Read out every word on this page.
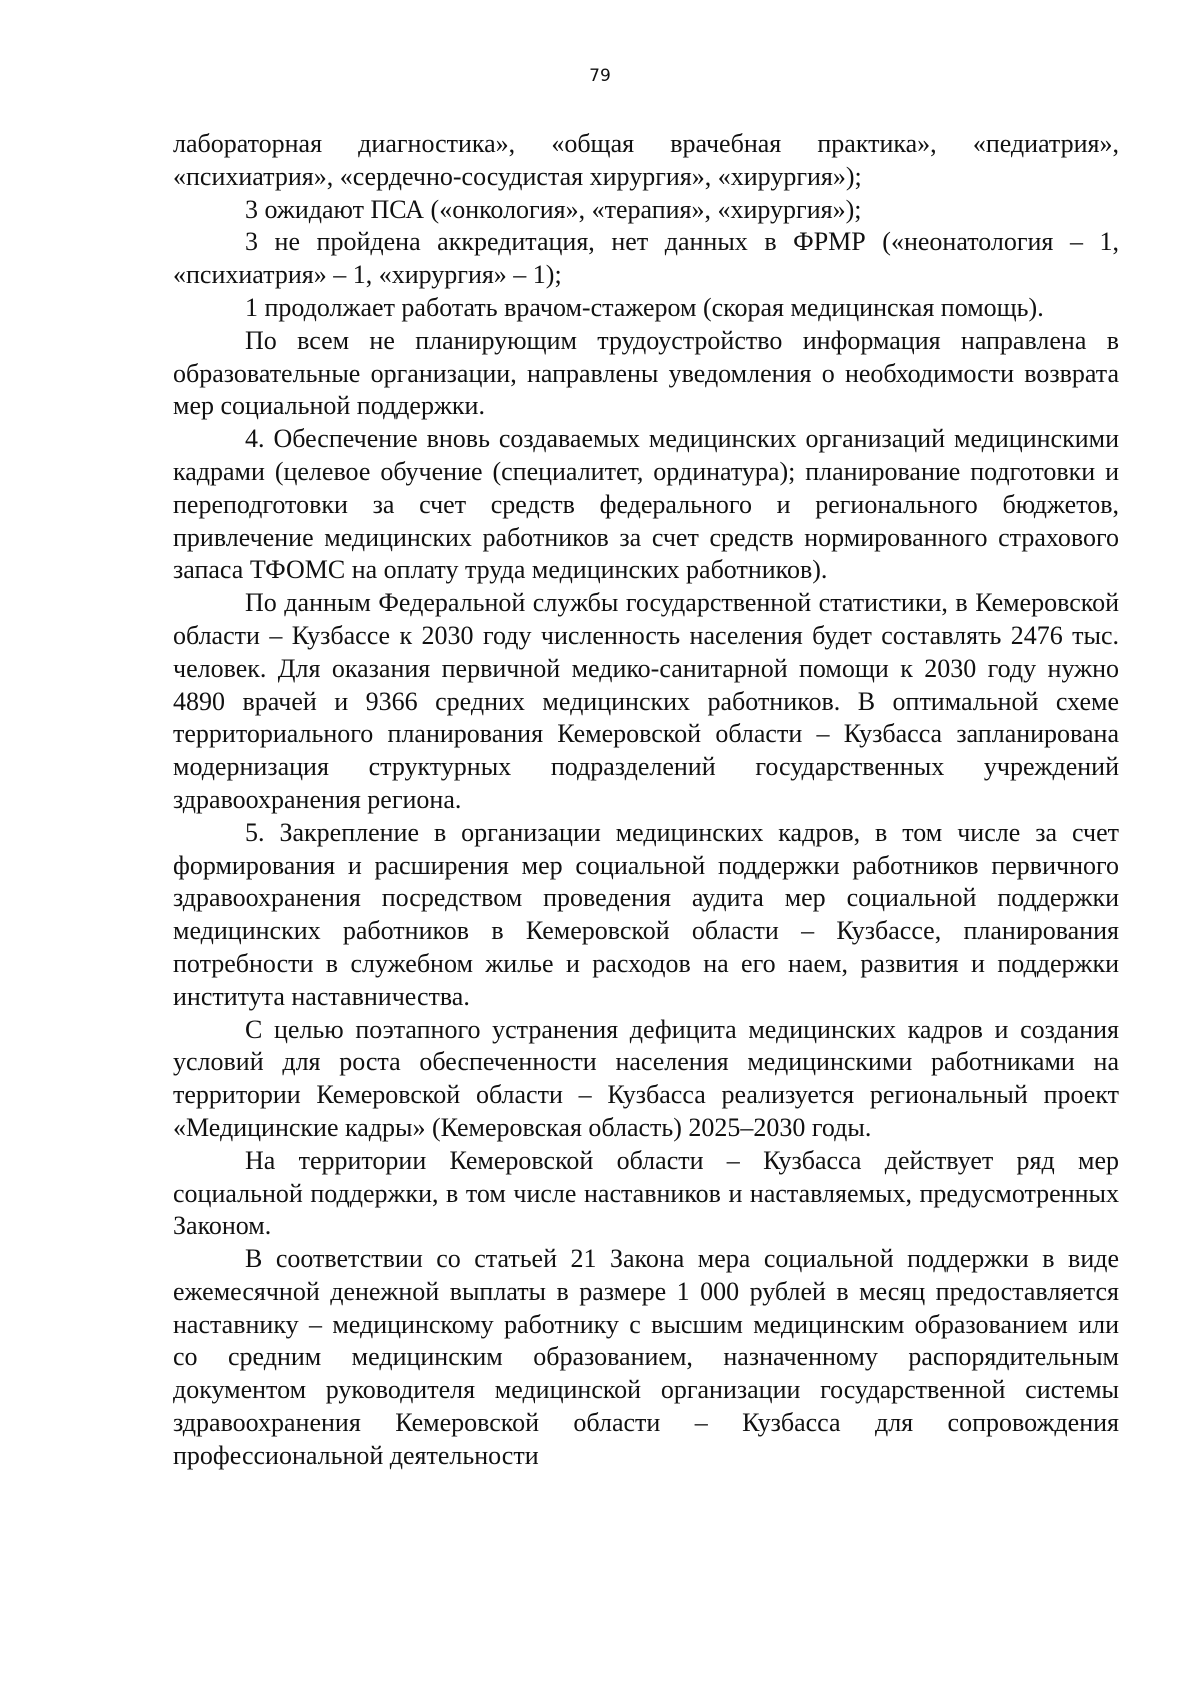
79

лабораторная диагностика», «общая врачебная практика», «педиатрия», «психиатрия», «сердечно-сосудистая хирургия», «хирургия»);

3 ожидают ПСА («онкология», «терапия», «хирургия»);

3 не пройдена аккредитация, нет данных в ФРМР («неонатология – 1, «психиатрия» – 1, «хирургия» – 1);

1 продолжает работать врачом-стажером (скорая медицинская помощь).

По всем не планирующим трудоустройство информация направлена в образовательные организации, направлены уведомления о необходимости возврата мер социальной поддержки.

4. Обеспечение вновь создаваемых медицинских организаций медицинскими кадрами (целевое обучение (специалитет, ординатура); планирование подготовки и переподготовки за счет средств федерального и регионального бюджетов, привлечение медицинских работников за счет средств нормированного страхового запаса ТФОМС на оплату труда медицинских работников).

По данным Федеральной службы государственной статистики, в Кемеровской области – Кузбассе к 2030 году численность населения будет составлять 2476 тыс. человек. Для оказания первичной медико-санитарной помощи к 2030 году нужно 4890 врачей и 9366 средних медицинских работников. В оптимальной схеме территориального планирования Кемеровской области – Кузбасса запланирована модернизация структурных подразделений государственных учреждений здравоохранения региона.

5. Закрепление в организации медицинских кадров, в том числе за счет формирования и расширения мер социальной поддержки работников первичного здравоохранения посредством проведения аудита мер социальной поддержки медицинских работников в Кемеровской области – Кузбассе, планирования потребности в служебном жилье и расходов на его наем, развития и поддержки института наставничества.

С целью поэтапного устранения дефицита медицинских кадров и создания условий для роста обеспеченности населения медицинскими работниками на территории Кемеровской области – Кузбасса реализуется региональный проект «Медицинские кадры» (Кемеровская область) 2025–2030 годы.

На территории Кемеровской области – Кузбасса действует ряд мер социальной поддержки, в том числе наставников и наставляемых, предусмотренных Законом.

В соответствии со статьей 21 Закона мера социальной поддержки в виде ежемесячной денежной выплаты в размере 1 000 рублей в месяц предоставляется наставнику – медицинскому работнику с высшим медицинским образованием или со средним медицинским образованием, назначенному распорядительным документом руководителя медицинской организации государственной системы здравоохранения Кемеровской области – Кузбасса для сопровождения профессиональной деятельности
